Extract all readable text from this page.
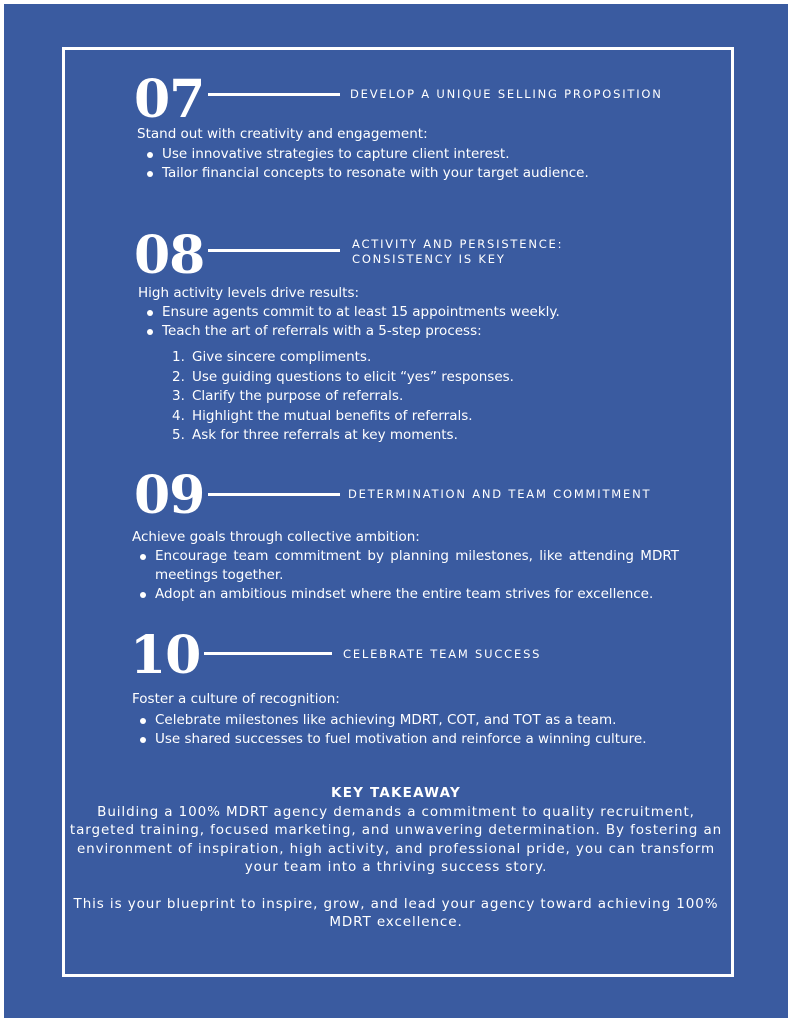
07	DEVELOP A UNIQUE SELLING PROPOSITION
Stand out with creativity and engagement:
Use innovative strategies to capture client interest.
Tailor financial concepts to resonate with your target audience.
08	ACTIVITY AND PERSISTENCE:
CONSISTENCY IS KEY
High activity levels drive results:
Ensure agents commit to at least 15 appointments weekly.
Teach the art of referrals with a 5-step process:
1. Give sincere compliments.
2. Use guiding questions to elicit “yes” responses.
3. Clarify the purpose of referrals.
4. Highlight the mutual benefits of referrals.
5. Ask for three referrals at key moments.
09	DETERMINATION AND TEAM COMMITMENT
Achieve goals through collective ambition:
Encourage team commitment by planning milestones, like attending MDRT meetings together.
Adopt an ambitious mindset where the entire team strives for excellence.
10	CELEBRATE TEAM SUCCESS
Foster a culture of recognition:
Celebrate milestones like achieving MDRT, COT, and TOT as a team.
Use shared successes to fuel motivation and reinforce a winning culture.
KEY TAKEAWAY
Building a 100% MDRT agency demands a commitment to quality recruitment, targeted training, focused marketing, and unwavering determination. By fostering an environment of inspiration, high activity, and professional pride, you can transform your team into a thriving success story.
This is your blueprint to inspire, grow, and lead your agency toward achieving 100% MDRT excellence.
